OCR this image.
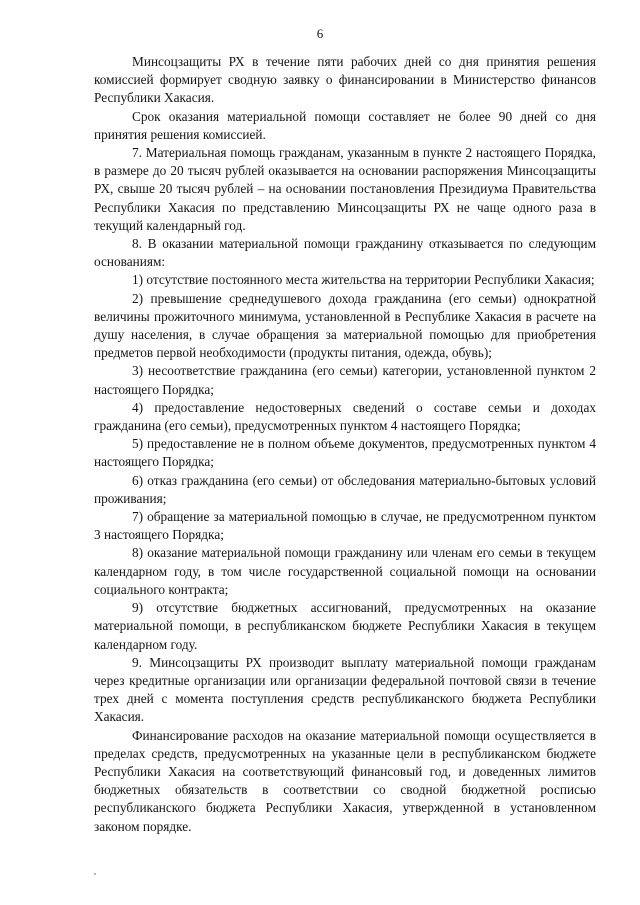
6

Минсоцзащиты РХ в течение пяти рабочих дней со дня принятия решения комиссией формирует сводную заявку о финансировании в Министерство финансов Республики Хакасия.

Срок оказания материальной помощи составляет не более 90 дней со дня принятия решения комиссией.

7. Материальная помощь гражданам, указанным в пункте 2 настоящего Порядка, в размере до 20 тысяч рублей оказывается на основании распоряжения Минсоцзащиты РХ, свыше 20 тысяч рублей – на основании постановления Президиума Правительства Республики Хакасия по представлению Минсоцзащиты РХ не чаще одного раза в текущий календарный год.

8. В оказании материальной помощи гражданину отказывается по следующим основаниям:

1) отсутствие постоянного места жительства на территории Республики Хакасия;

2) превышение среднедушевого дохода гражданина (его семьи) однократной величины прожиточного минимума, установленной в Республике Хакасия в расчете на душу населения, в случае обращения за материальной помощью для приобретения предметов первой необходимости (продукты питания, одежда, обувь);

3) несоответствие гражданина (его семьи) категории, установленной пунктом 2 настоящего Порядка;

4) предоставление недостоверных сведений о составе семьи и доходах гражданина (его семьи), предусмотренных пунктом 4 настоящего Порядка;

5) предоставление не в полном объеме документов, предусмотренных пунктом 4 настоящего Порядка;

6) отказ гражданина (его семьи) от обследования материально-бытовых условий проживания;

7) обращение за материальной помощью в случае, не предусмотренном пунктом 3 настоящего Порядка;

8) оказание материальной помощи гражданину или членам его семьи в текущем календарном году, в том числе государственной социальной помощи на основании социального контракта;

9) отсутствие бюджетных ассигнований, предусмотренных на оказание материальной помощи, в республиканском бюджете Республики Хакасия в текущем календарном году.

9. Минсоцзащиты РХ производит выплату материальной помощи гражданам через кредитные организации или организации федеральной почтовой связи в течение трех дней с момента поступления средств республиканского бюджета Республики Хакасия.

Финансирование расходов на оказание материальной помощи осуществляется в пределах средств, предусмотренных на указанные цели в республиканском бюджете Республики Хакасия на соответствующий финансовый год, и доведенных лимитов бюджетных обязательств в соответствии со сводной бюджетной росписью республиканского бюджета Республики Хакасия, утвержденной в установленном законом порядке.
